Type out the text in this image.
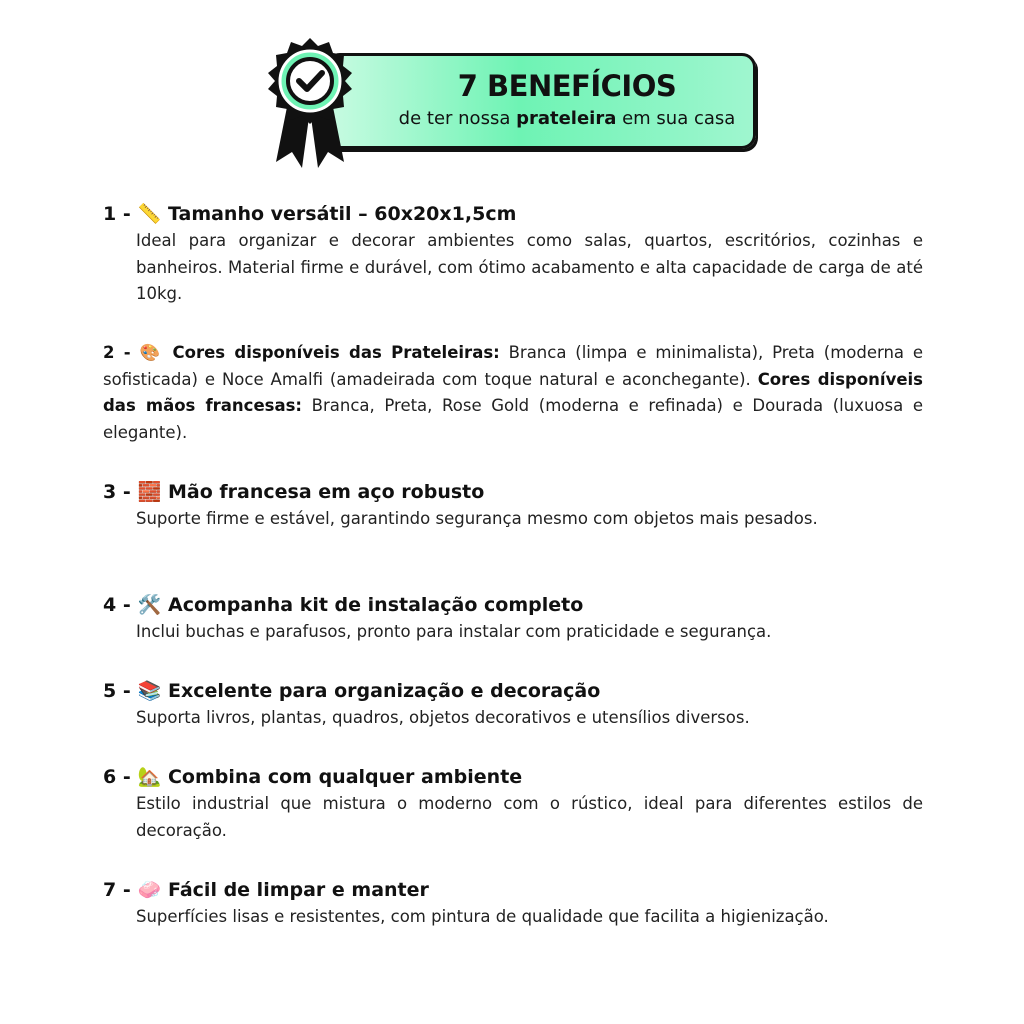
7 BENEFÍCIOS
de ter nossa prateleira em sua casa
1 - 📏 Tamanho versátil – 60x20x1,5cm
Ideal para organizar e decorar ambientes como salas, quartos, escritórios, cozinhas e banheiros. Material firme e durável, com ótimo acabamento e alta capacidade de carga de até 10kg.
2 - 🎨 Cores disponíveis das Prateleiras: Branca (limpa e minimalista), Preta (moderna e sofisticada) e Noce Amalfi (amadeirada com toque natural e aconchegante). Cores disponíveis das mãos francesas: Branca, Preta, Rose Gold (moderna e refinada) e Dourada (luxuosa e elegante).
3 - 🧱 Mão francesa em aço robusto
Suporte firme e estável, garantindo segurança mesmo com objetos mais pesados.
4 - 🛠️ Acompanha kit de instalação completo
Inclui buchas e parafusos, pronto para instalar com praticidade e segurança.
5 - 📚 Excelente para organização e decoração
Suporta livros, plantas, quadros, objetos decorativos e utensílios diversos.
6 - 🏡 Combina com qualquer ambiente
Estilo industrial que mistura o moderno com o rústico, ideal para diferentes estilos de decoração.
7 - 🧼 Fácil de limpar e manter
Superfícies lisas e resistentes, com pintura de qualidade que facilita a higienização.
